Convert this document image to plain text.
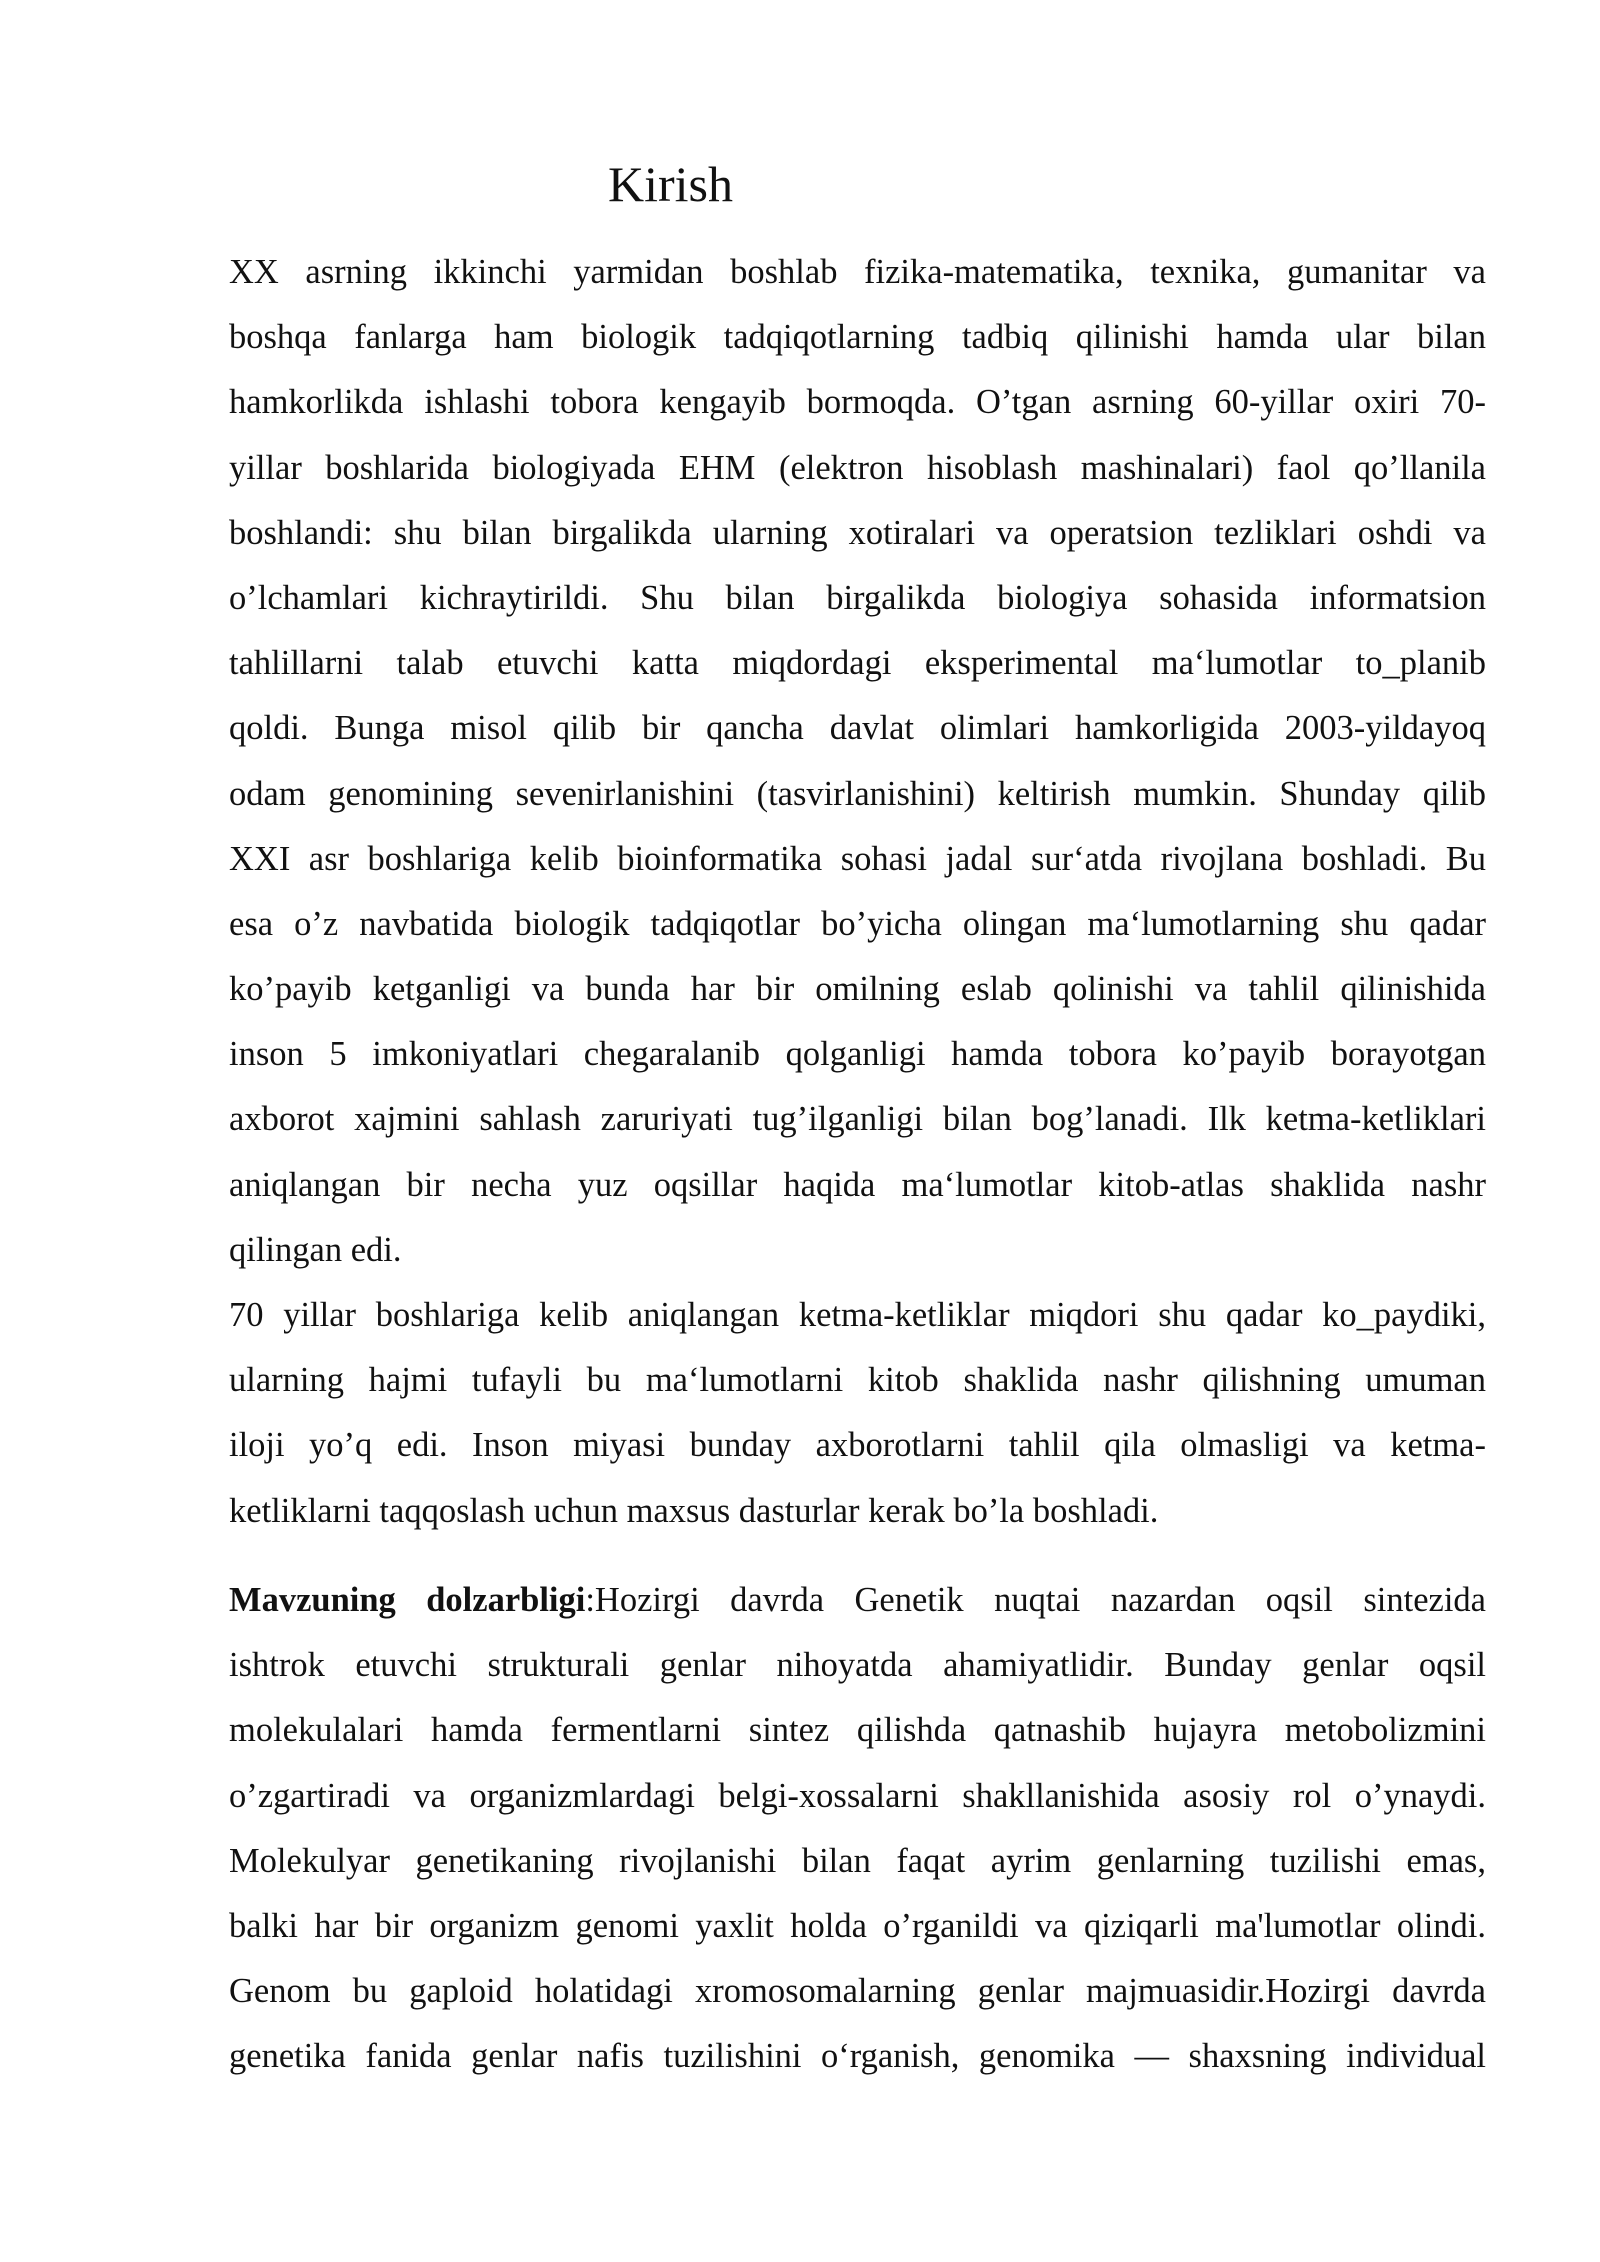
Kirish
XX asrning ikkinchi yarmidan boshlab fizika-matematika, texnika, gumanitar va
boshqa fanlarga ham biologik tadqiqotlarning tadbiq qilinishi hamda ular bilan
hamkorlikda ishlashi tobora kengayib bormoqda. O’tgan asrning 60-yillar oxiri 70-
yillar boshlarida biologiyada EHM (elektron hisoblash mashinalari) faol qo’llanila
boshlandi: shu bilan birgalikda ularning xotiralari va operatsion tezliklari oshdi va
o’lchamlari kichraytirildi. Shu bilan birgalikda biologiya sohasida informatsion
tahlillarni talab etuvchi katta miqdordagi eksperimental ma‘lumotlar to_planib
qoldi. Bunga misol qilib bir qancha davlat olimlari hamkorligida 2003-yildayoq
odam genomining sevenirlanishini (tasvirlanishini) keltirish mumkin. Shunday qilib
XXI asr boshlariga kelib bioinformatika sohasi jadal sur‘atda rivojlana boshladi. Bu
esa o’z navbatida biologik tadqiqotlar bo’yicha olingan ma‘lumotlarning shu qadar
ko’payib ketganligi va bunda har bir omilning eslab qolinishi va tahlil qilinishida
inson 5 imkoniyatlari chegaralanib qolganligi hamda tobora ko’payib borayotgan
axborot xajmini sahlash zaruriyati tug’ilganligi bilan bog’lanadi. Ilk ketma-ketliklari
aniqlangan bir necha yuz oqsillar haqida ma‘lumotlar kitob-atlas shaklida nashr
qilingan edi.
70 yillar boshlariga kelib aniqlangan ketma-ketliklar miqdori shu qadar ko_paydiki,
ularning hajmi tufayli bu ma‘lumotlarni kitob shaklida nashr qilishning umuman
iloji yo’q edi. Inson miyasi bunday axborotlarni tahlil qila olmasligi va ketma-
ketliklarni taqqoslash uchun maxsus dasturlar kerak bo’la boshladi.
Mavzuning dolzarbligi:Hozirgi davrda Genetik nuqtai nazardan oqsil sintezida
ishtrok etuvchi strukturali genlar nihoyatda ahamiyatlidir. Bunday genlar oqsil
molekulalari hamda fermentlarni sintez qilishda qatnashib hujayra metobolizmini
o’zgartiradi va organizmlardagi belgi-xossalarni shakllanishida asosiy rol o’ynaydi.
Molekulyar genetikaning rivojlanishi bilan faqat ayrim genlarning tuzilishi emas,
balki har bir organizm genomi yaxlit holda o’rganildi va qiziqarli ma'lumotlar olindi.
Genom bu gaploid holatidagi xromosomalarning genlar majmuasidir.Hozirgi davrda
genetika fanida genlar nafis tuzilishini o‘rganish, genomika — shaxsning individual
